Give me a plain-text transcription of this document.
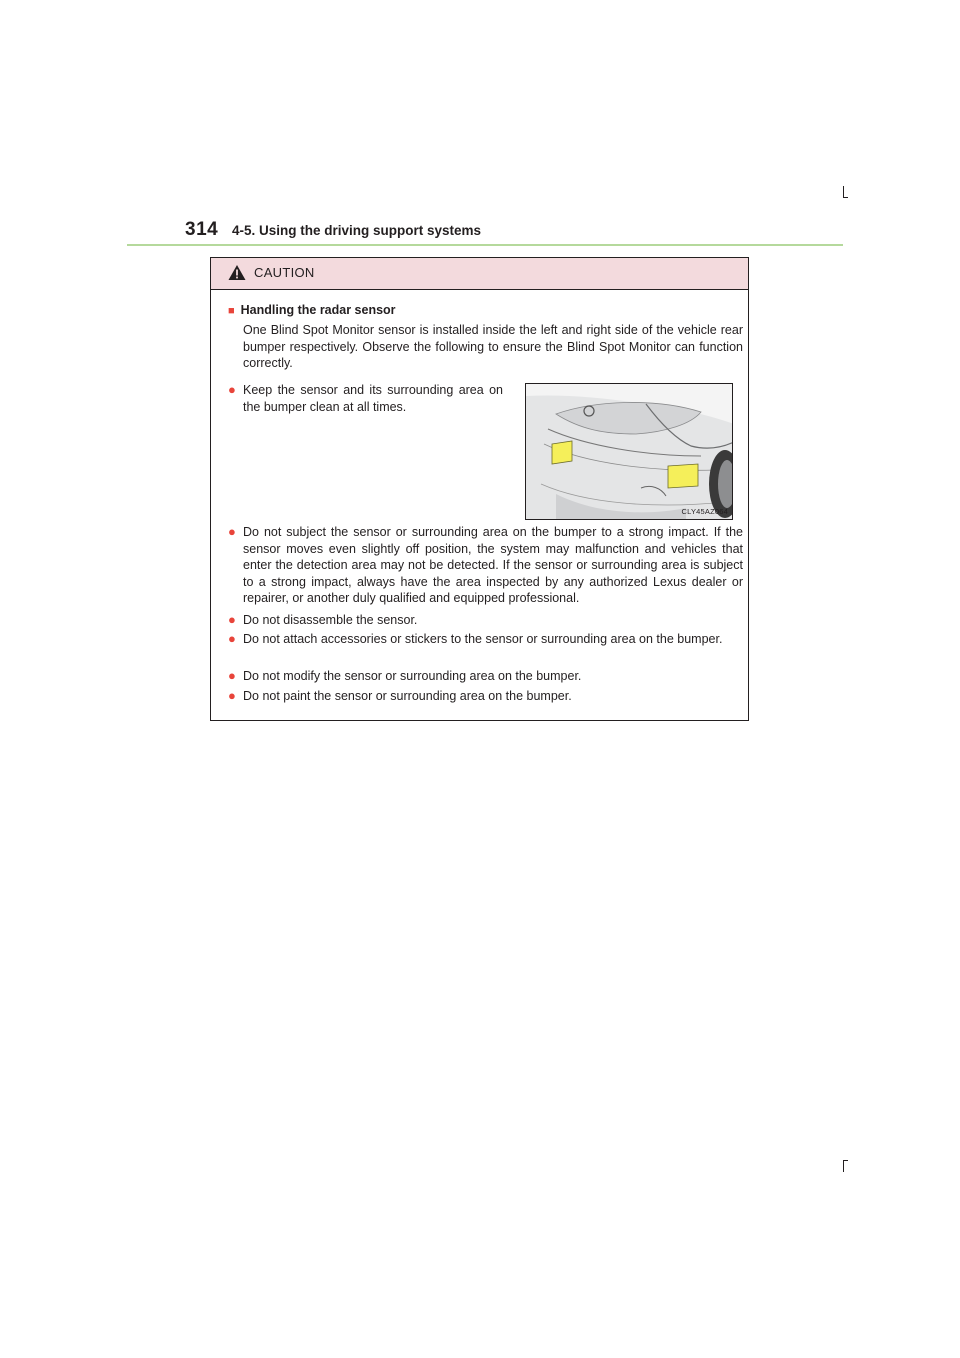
314 4-5. Using the driving support systems
CAUTION
■ Handling the radar sensor
One Blind Spot Monitor sensor is installed inside the left and right side of the vehicle rear bumper respectively. Observe the following to ensure the Blind Spot Monitor can function correctly.
● Keep the sensor and its surrounding area on the bumper clean at all times.
CLY45AZ064
● Do not subject the sensor or surrounding area on the bumper to a strong impact. If the sensor moves even slightly off position, the system may malfunction and vehicles that enter the detection area may not be detected. If the sensor or surrounding area is subject to a strong impact, always have the area inspected by any authorized Lexus dealer or repairer, or another duly qualified and equipped professional.
● Do not disassemble the sensor.
● Do not attach accessories or stickers to the sensor or surrounding area on the bumper.
● Do not modify the sensor or surrounding area on the bumper.
● Do not paint the sensor or surrounding area on the bumper.
